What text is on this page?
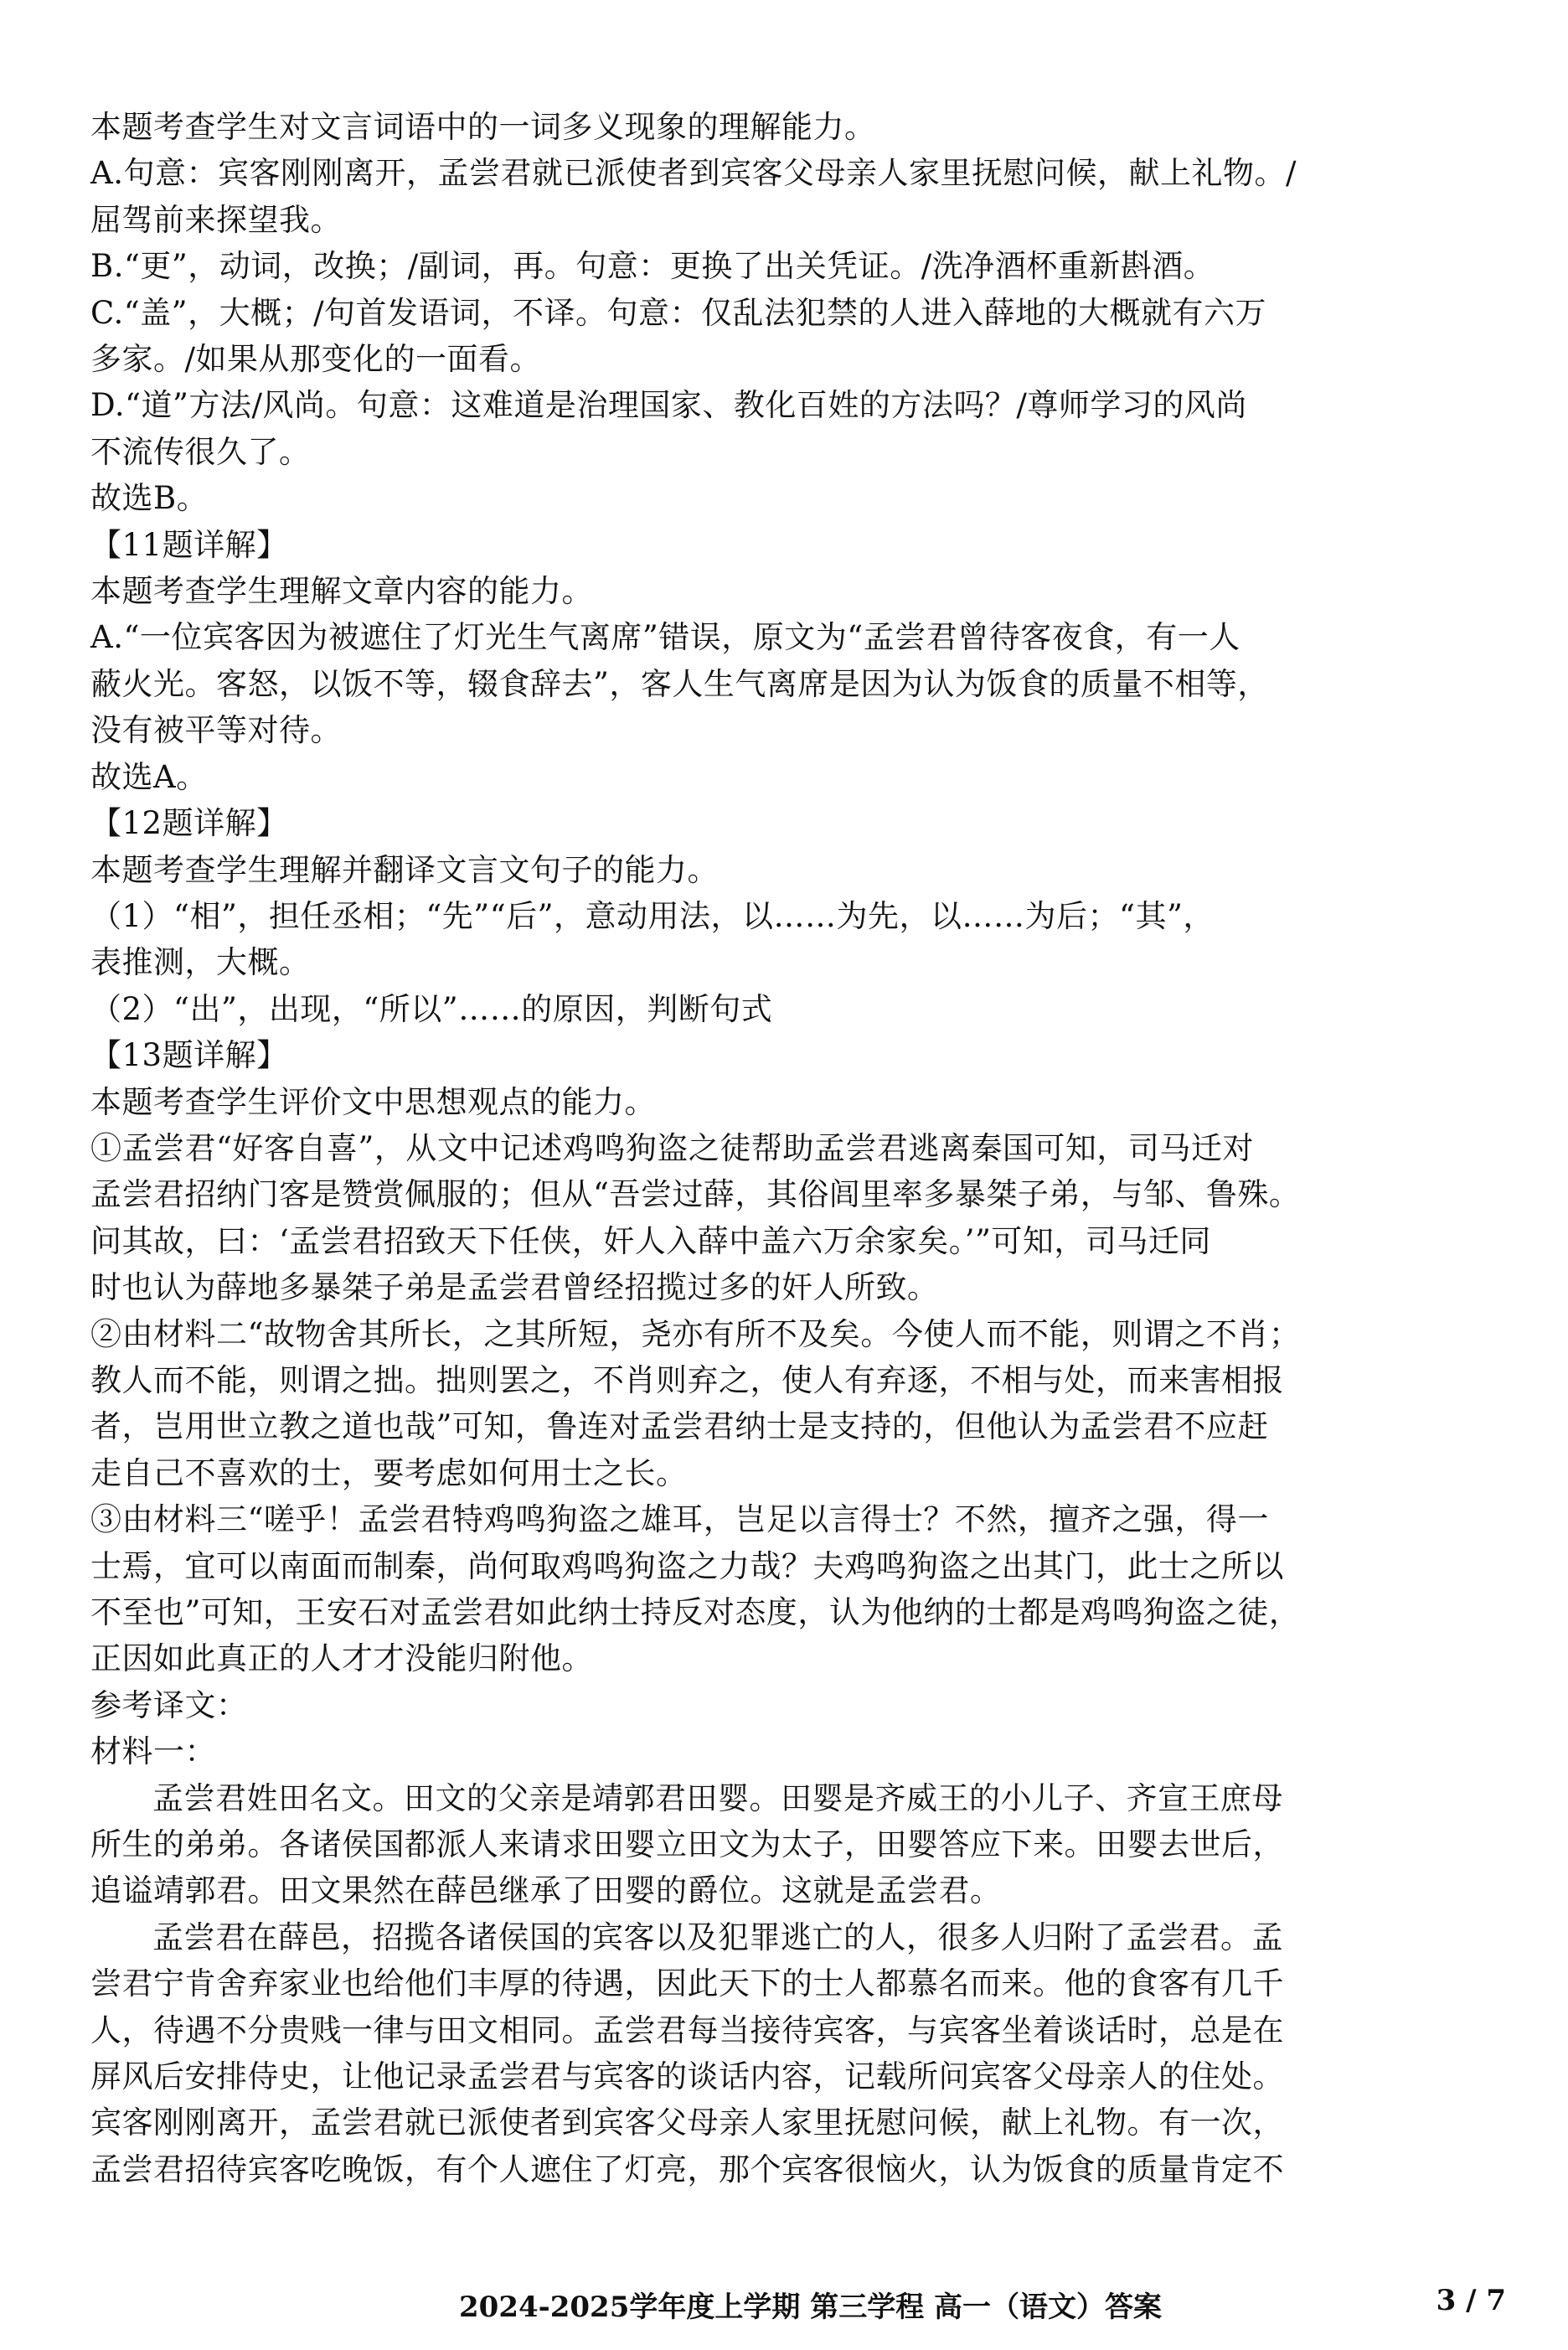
本题考查学生对文言词语中的一词多义现象的理解能力。

A.句意：宾客刚刚离开，孟尝君就已派使者到宾客父母亲人家里抚慰问候，献上礼物。/

屈驾前来探望我。

B.“更”，动词，改换；/副词，再。句意：更换了出关凭证。/洗净酒杯重新斟酒。

C.“盖”，大概；/句首发语词，不译。句意：仅乱法犯禁的人进入薛地的大概就有六万

多家。/如果从那变化的一面看。

D.“道”方法/风尚。句意：这难道是治理国家、教化百姓的方法吗？/尊师学习的风尚

不流传很久了。

故选B。

【11题详解】

本题考查学生理解文章内容的能力。

A.“一位宾客因为被遮住了灯光生气离席”错误，原文为“孟尝君曾待客夜食，有一人

蔽火光。客怒，以饭不等，辍食辞去”，客人生气离席是因为认为饭食的质量不相等，

没有被平等对待。

故选A。

【12题详解】

本题考查学生理解并翻译文言文句子的能力。

（1）“相”，担任丞相；“先”“后”，意动用法，以……为先，以……为后；“其”，

表推测，大概。

（2）“出”，出现，“所以”……的原因，判断句式

【13题详解】

本题考查学生评价文中思想观点的能力。

①孟尝君“好客自喜”，从文中记述鸡鸣狗盗之徒帮助孟尝君逃离秦国可知，司马迁对

孟尝君招纳门客是赞赏佩服的；但从“吾尝过薛，其俗闾里率多暴桀子弟，与邹、鲁殊。

问其故，曰：‘孟尝君招致天下任侠，奸人入薛中盖六万余家矣。’”可知，司马迁同

时也认为薛地多暴桀子弟是孟尝君曾经招揽过多的奸人所致。

②由材料二“故物舍其所长，之其所短，尧亦有所不及矣。今使人而不能，则谓之不肖；

教人而不能，则谓之拙。拙则罢之，不肖则弃之，使人有弃逐，不相与处，而来害相报

者，岂用世立教之道也哉”可知，鲁连对孟尝君纳士是支持的，但他认为孟尝君不应赶

走自己不喜欢的士，要考虑如何用士之长。

③由材料三“嗟乎！孟尝君特鸡鸣狗盗之雄耳，岂足以言得士？不然，擅齐之强，得一

士焉，宜可以南面而制秦，尚何取鸡鸣狗盗之力哉？夫鸡鸣狗盗之出其门，此士之所以

不至也”可知，王安石对孟尝君如此纳士持反对态度，认为他纳的士都是鸡鸣狗盗之徒，

正因如此真正的人才才没能归附他。

参考译文：

材料一：

孟尝君姓田名文。田文的父亲是靖郭君田婴。田婴是齐威王的小儿子、齐宣王庶母

所生的弟弟。各诸侯国都派人来请求田婴立田文为太子，田婴答应下来。田婴去世后，

追谥靖郭君。田文果然在薛邑继承了田婴的爵位。这就是孟尝君。

孟尝君在薛邑，招揽各诸侯国的宾客以及犯罪逃亡的人，很多人归附了孟尝君。孟

尝君宁肯舍弃家业也给他们丰厚的待遇，因此天下的士人都慕名而来。他的食客有几千

人，待遇不分贵贱一律与田文相同。孟尝君每当接待宾客，与宾客坐着谈话时，总是在

屏风后安排侍史，让他记录孟尝君与宾客的谈话内容，记载所问宾客父母亲人的住处。

宾客刚刚离开，孟尝君就已派使者到宾客父母亲人家里抚慰问候，献上礼物。有一次，

孟尝君招待宾客吃晚饭，有个人遮住了灯亮，那个宾客很恼火，认为饭食的质量肯定不

2024-2025学年度上学期 第三学程 高一（语文）答案	3 / 7
